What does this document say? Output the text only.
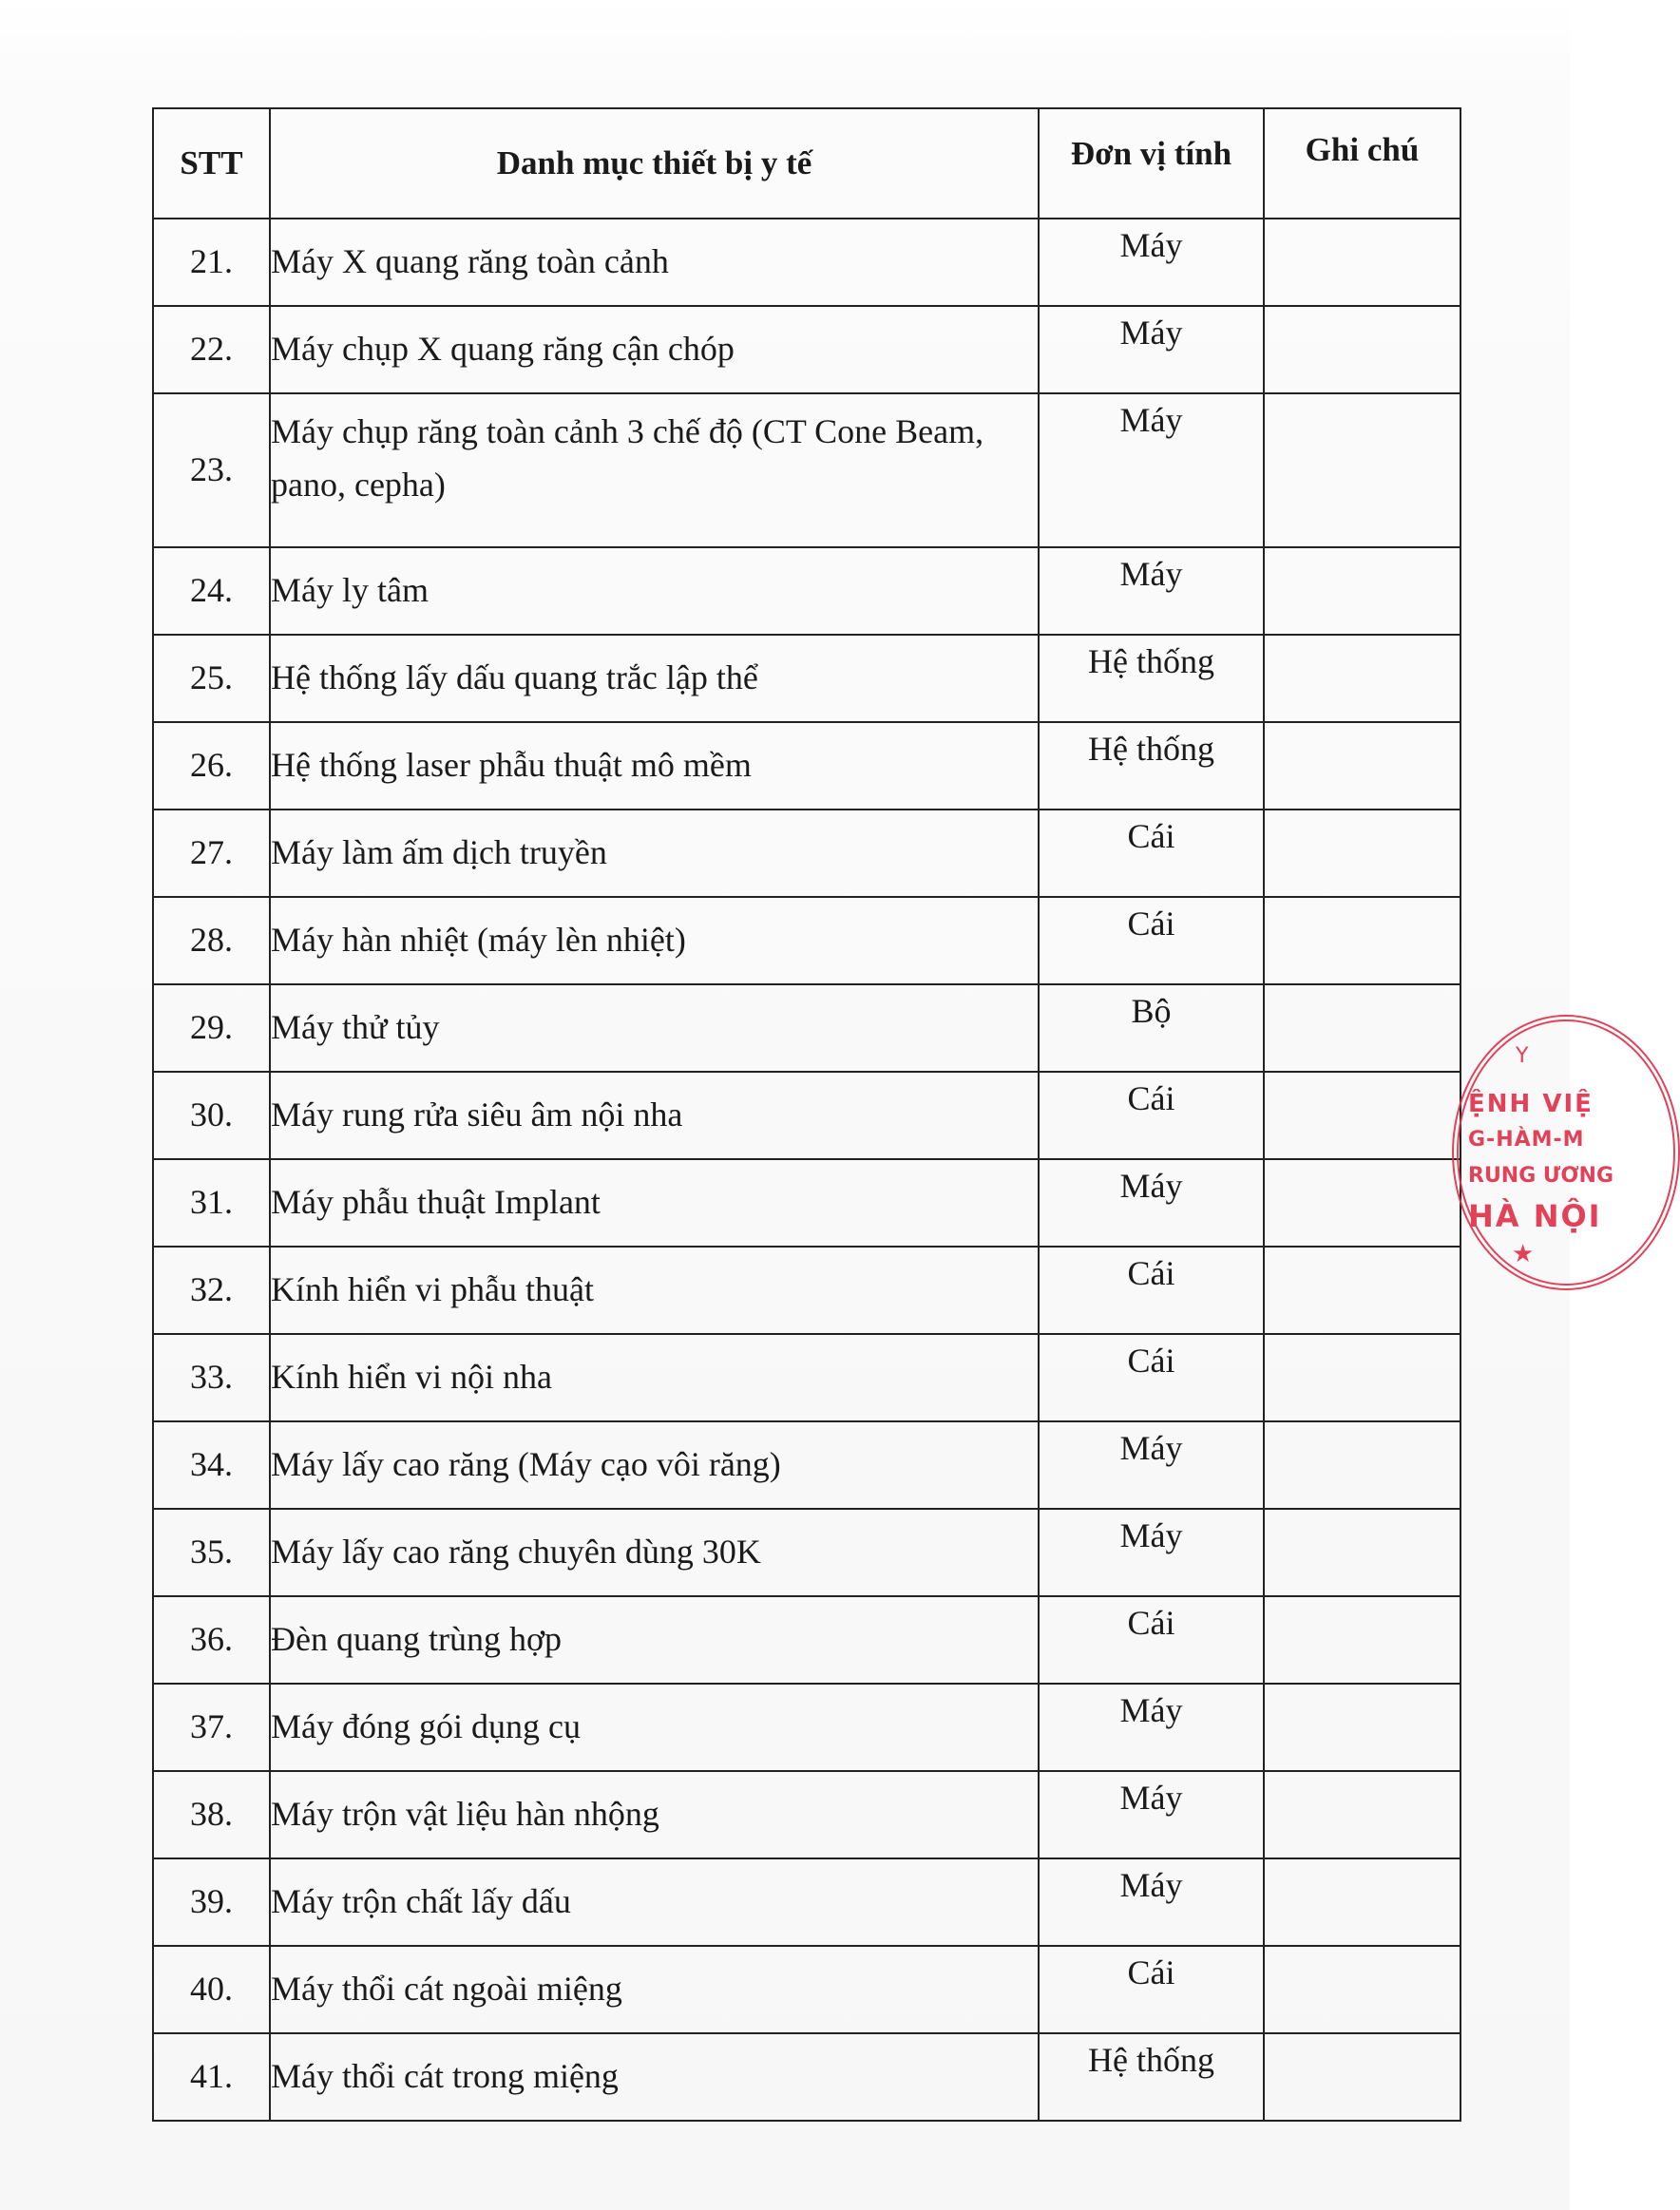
STT	Danh mục thiết bị y tế	Đơn vị tính	Ghi chú
21.	Máy X quang răng toàn cảnh	Máy	
22.	Máy chụp X quang răng cận chóp	Máy	
23.	Máy chụp răng toàn cảnh 3 chế độ (CT Cone Beam, pano, cepha)	Máy	
24.	Máy ly tâm	Máy	
25.	Hệ thống lấy dấu quang trắc lập thể	Hệ thống	
26.	Hệ thống laser phẫu thuật mô mềm	Hệ thống	
27.	Máy làm ấm dịch truyền	Cái	
28.	Máy hàn nhiệt (máy lèn nhiệt)	Cái	
29.	Máy thử tủy	Bộ	
30.	Máy rung rửa siêu âm nội nha	Cái	
31.	Máy phẫu thuật Implant	Máy	
32.	Kính hiển vi phẫu thuật	Cái	
33.	Kính hiển vi nội nha	Cái	
34.	Máy lấy cao răng (Máy cạo vôi răng)	Máy	
35.	Máy lấy cao răng chuyên dùng 30K	Máy	
36.	Đèn quang trùng hợp	Cái	
37.	Máy đóng gói dụng cụ	Máy	
38.	Máy trộn vật liệu hàn nhộng	Máy	
39.	Máy trộn chất lấy dấu	Máy	
40.	Máy thổi cát ngoài miệng	Cái	
41.	Máy thổi cát trong miệng	Hệ thống	
Y
ỆNH VIỆ
G-HÀM-M
RUNG ƯƠNG
HÀ NỘI
★
